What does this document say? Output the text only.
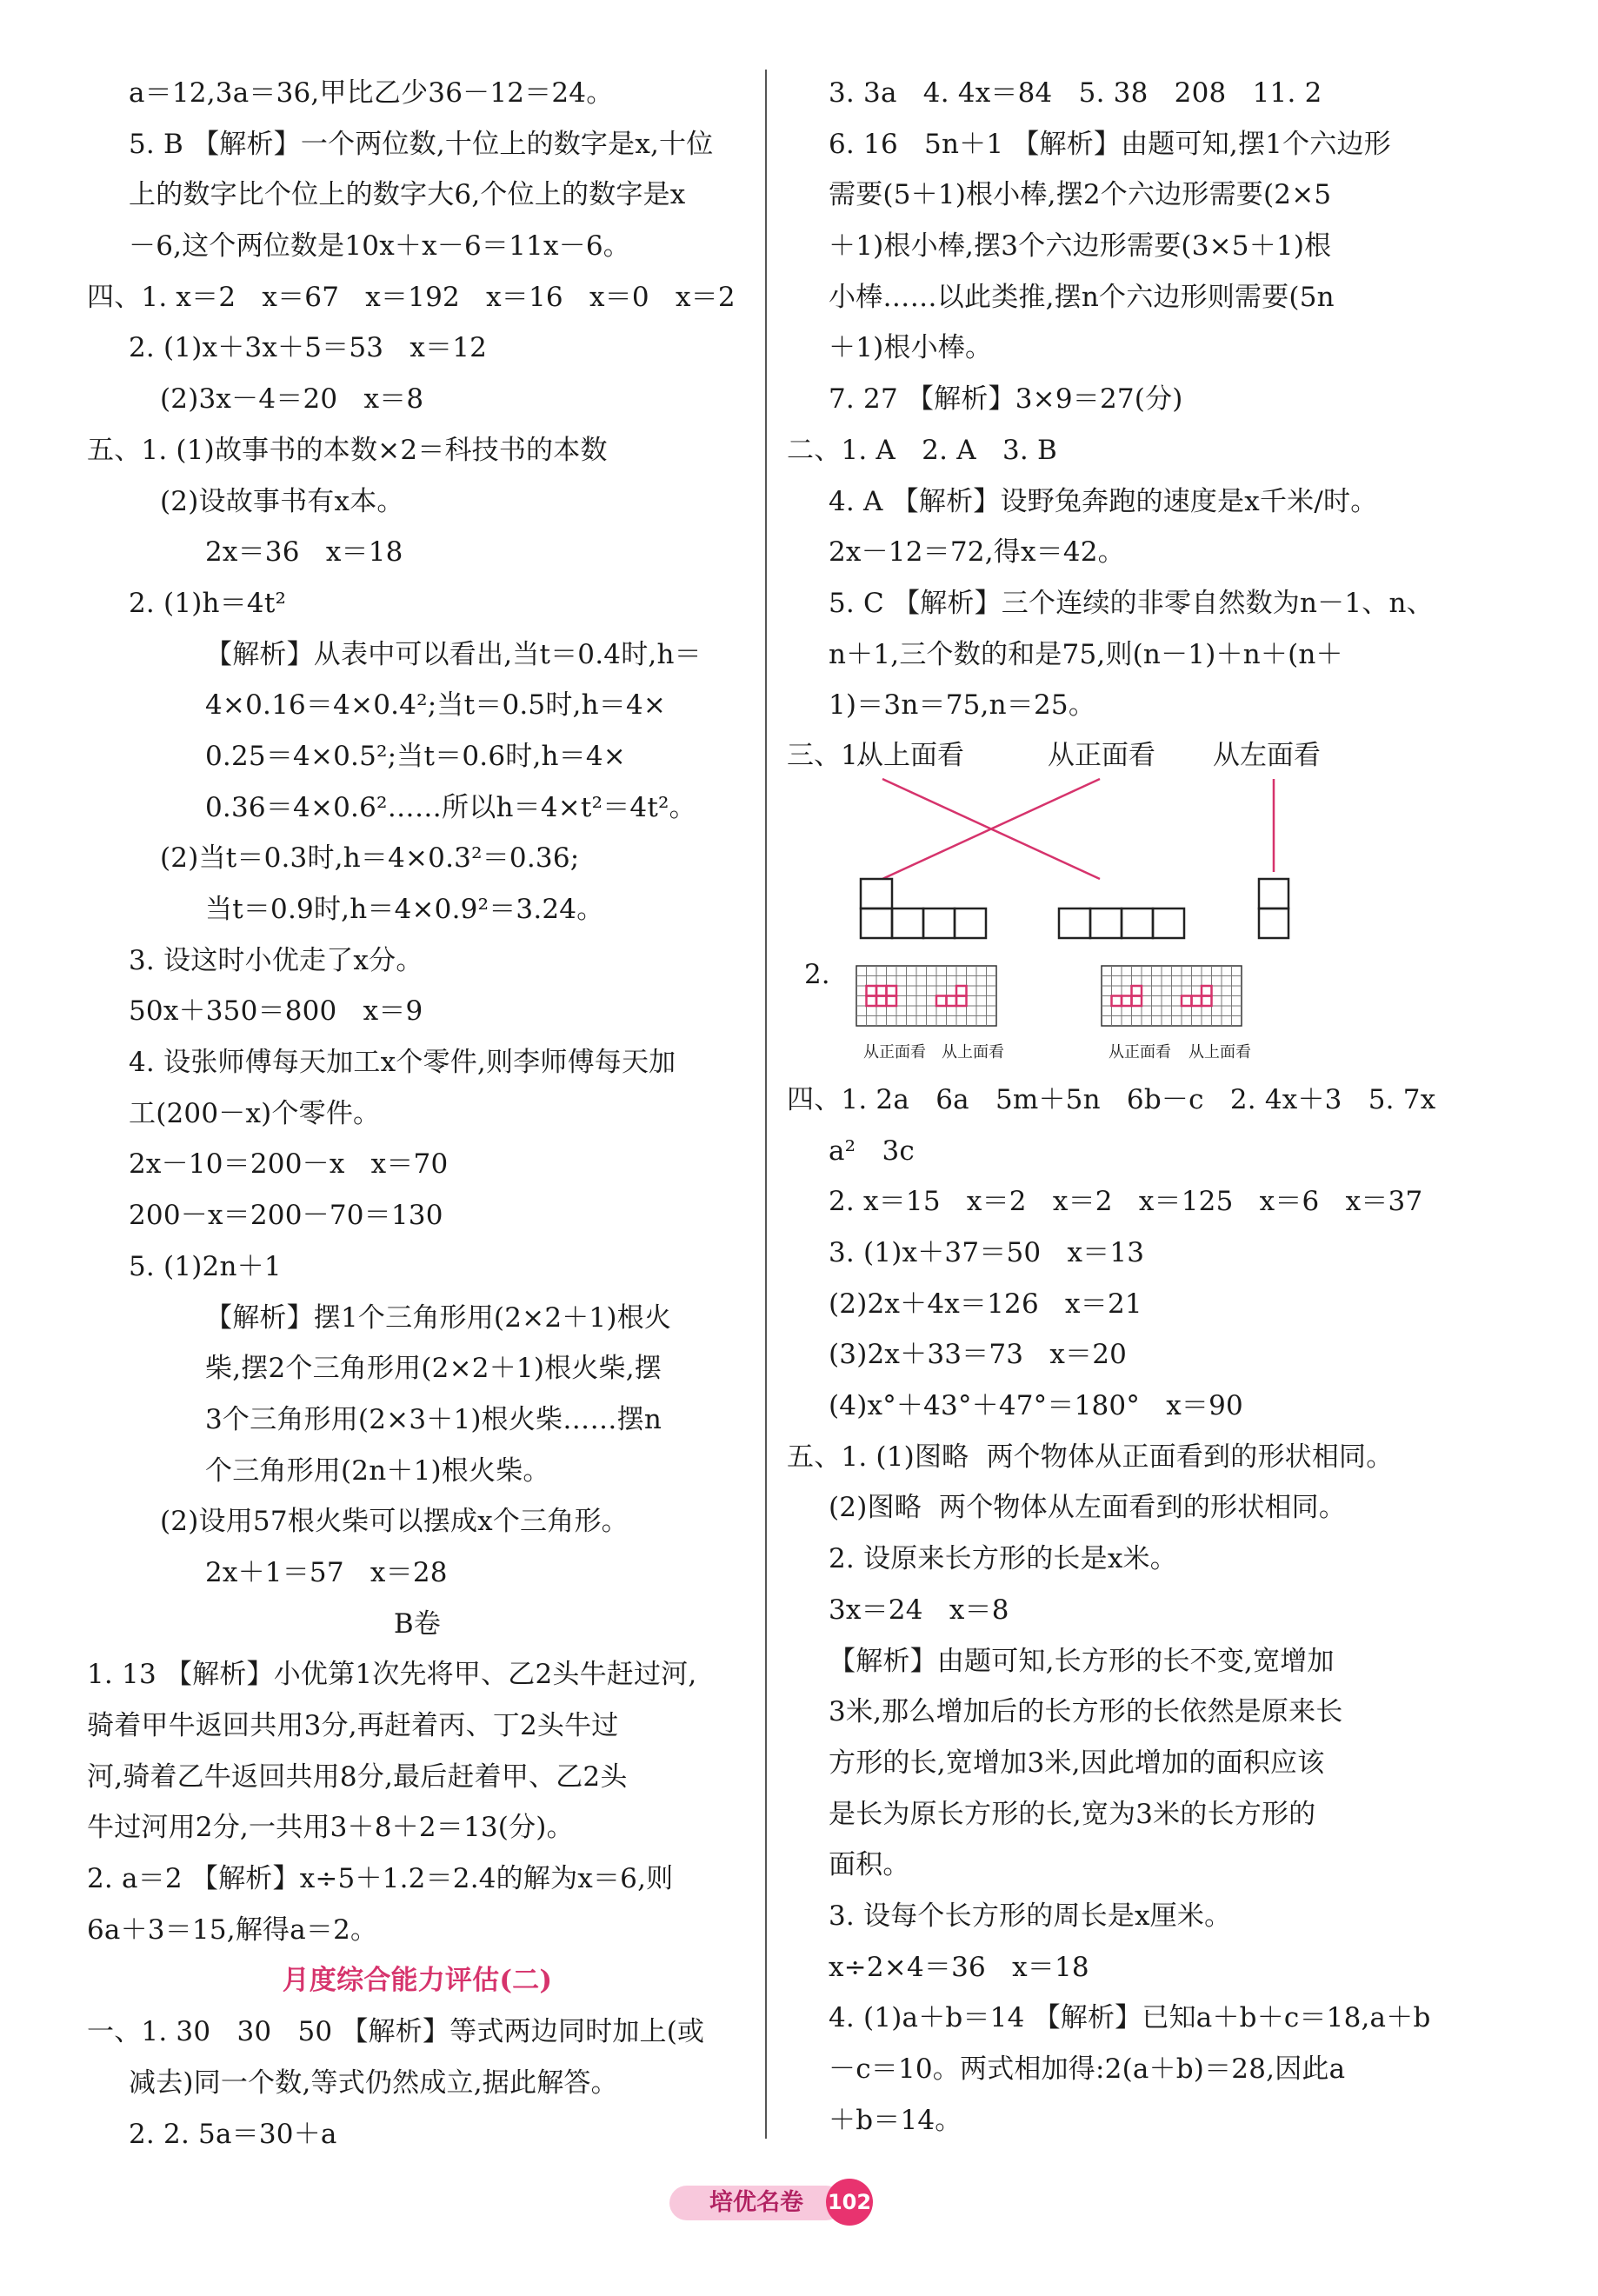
a＝12,3a＝36,甲比乙少36－12＝24。
5. B 【解析】一个两位数,十位上的数字是x,十位
上的数字比个位上的数字大6,个位上的数字是x
－6,这个两位数是10x＋x－6＝11x－6。
四、1. x＝2   x＝67   x＝192   x＝16   x＝0   x＝2
2. (1)x＋3x＋5＝53   x＝12
(2)3x－4＝20   x＝8
五、1. (1)故事书的本数×2＝科技书的本数
(2)设故事书有x本。
2x＝36   x＝18
2. (1)h＝4t²
【解析】从表中可以看出,当t＝0.4时,h＝
4×0.16＝4×0.4²;当t＝0.5时,h＝4×
0.25＝4×0.5²;当t＝0.6时,h＝4×
0.36＝4×0.6²……所以h＝4×t²＝4t²。
(2)当t＝0.3时,h＝4×0.3²＝0.36;
当t＝0.9时,h＝4×0.9²＝3.24。
3. 设这时小优走了x分。
50x＋350＝800   x＝9
4. 设张师傅每天加工x个零件,则李师傅每天加
工(200－x)个零件。
2x－10＝200－x   x＝70
200－x＝200－70＝130
5. (1)2n＋1
【解析】摆1个三角形用(2×2＋1)根火
柴,摆2个三角形用(2×2＋1)根火柴,摆
3个三角形用(2×3＋1)根火柴……摆n
个三角形用(2n＋1)根火柴。
(2)设用57根火柴可以摆成x个三角形。
2x＋1＝57   x＝28
B卷
1. 13 【解析】小优第1次先将甲、乙2头牛赶过河,
骑着甲牛返回共用3分,再赶着丙、丁2头牛过
河,骑着乙牛返回共用8分,最后赶着甲、乙2头
牛过河用2分,一共用3＋8＋2＝13(分)。
2. a＝2 【解析】x÷5＋1.2＝2.4的解为x＝6,则
6a＋3＝15,解得a＝2。
月度综合能力评估(二)
一、1. 30   30   50 【解析】等式两边同时加上(或
减去)同一个数,等式仍然成立,据此解答。
2. 2. 5a＝30＋a
3. 3a   4. 4x＝84   5. 38   208   11. 2
6. 16   5n＋1 【解析】由题可知,摆1个六边形
需要(5＋1)根小棒,摆2个六边形需要(2×5
＋1)根小棒,摆3个六边形需要(3×5＋1)根
小棒……以此类推,摆n个六边形则需要(5n
＋1)根小棒。
7. 27 【解析】3×9＝27(分)
二、1. A   2. A   3. B
4. A 【解析】设野兔奔跑的速度是x千米/时。
2x－12＝72,得x＝42。
5. C 【解析】三个连续的非零自然数为n－1、n、
n＋1,三个数的和是75,则(n－1)＋n＋(n＋
1)＝3n＝75,n＝25。
三、1.
从上面看	从正面看 从左面看
2.
从正面看 从上面看	从正面看 从上面看
四、1. 2a   6a   5m＋5n   6b－c   2. 4x＋3   5. 7x
a²   3c
2. x＝15   x＝2   x＝2   x＝125   x＝6   x＝37
3. (1)x＋37＝50   x＝13
(2)2x＋4x＝126   x＝21
(3)2x＋33＝73   x＝20
(4)x°＋43°＋47°＝180°   x＝90
五、1. (1)图略  两个物体从正面看到的形状相同。
(2)图略  两个物体从左面看到的形状相同。
2. 设原来长方形的长是x米。
3x＝24   x＝8
【解析】由题可知,长方形的长不变,宽增加
3米,那么增加后的长方形的长依然是原来长
方形的长,宽增加3米,因此增加的面积应该
是长为原长方形的长,宽为3米的长方形的
面积。
3. 设每个长方形的周长是x厘米。
x÷2×4＝36   x＝18
4. (1)a＋b＝14 【解析】已知a＋b＋c＝18,a＋b
－c＝10。两式相加得:2(a＋b)＝28,因此a
＋b＝14。
培优名卷	102
